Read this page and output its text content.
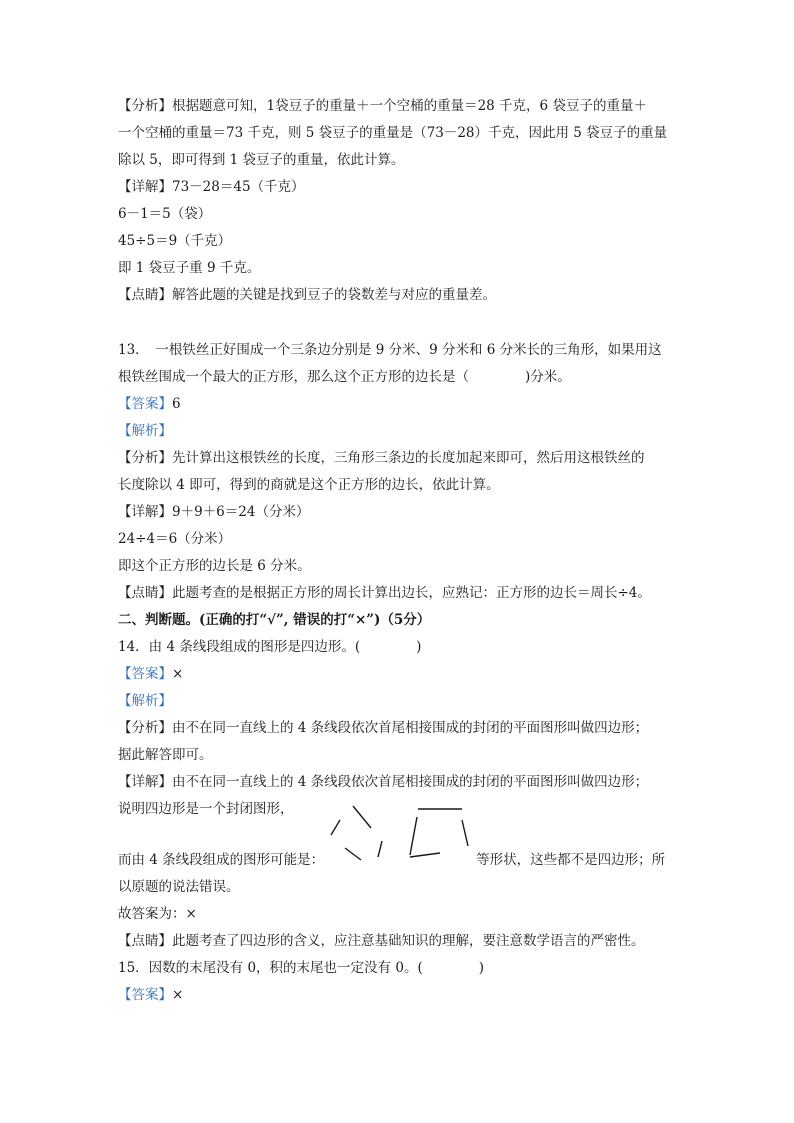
【分析】根据题意可知，1袋豆子的重量＋一个空桶的重量＝28 千克，6 袋豆子的重量＋
一个空桶的重量＝73 千克，则 5 袋豆子的重量是（73－28）千克，因此用 5 袋豆子的重量
除以 5，即可得到 1 袋豆子的重量，依此计算。
【详解】73－28＝45（千克）
6－1＝5（袋）
45÷5＝9（千克）
即 1 袋豆子重 9 千克。
【点睛】解答此题的关键是找到豆子的袋数差与对应的重量差。
13．　一根铁丝正好围成一个三条边分别是 9 分米、9 分米和 6 分米长的三角形，如果用这
根铁丝围成一个最大的正方形，那么这个正方形的边长是（	)分米。
【答案】6
【解析】
【分析】先计算出这根铁丝的长度，三角形三条边的长度加起来即可，然后用这根铁丝的
长度除以 4 即可，得到的商就是这个正方形的边长，依此计算。
【详解】9＋9＋6＝24（分米）
24÷4＝6（分米）
即这个正方形的边长是 6 分米。
【点睛】此题考查的是根据正方形的周长计算出边长，应熟记：正方形的边长＝周长÷4。
二、判断题。(正确的打“√”, 错误的打“×”)（5分）
14．由 4 条线段组成的图形是四边形。(	)
【答案】×
【解析】
【分析】由不在同一直线上的 4 条线段依次首尾相接围成的封闭的平面图形叫做四边形；
据此解答即可。
【详解】由不在同一直线上的 4 条线段依次首尾相接围成的封闭的平面图形叫做四边形；
说明四边形是一个封闭图形，
而由 4 条线段组成的图形可能是：	等形状，这些都不是四边形；所
以原题的说法错误。
故答案为：×
【点睛】此题考查了四边形的含义，应注意基础知识的理解，要注意数学语言的严密性。
15．因数的末尾没有 0，积的末尾也一定没有 0。(	)
【答案】×
